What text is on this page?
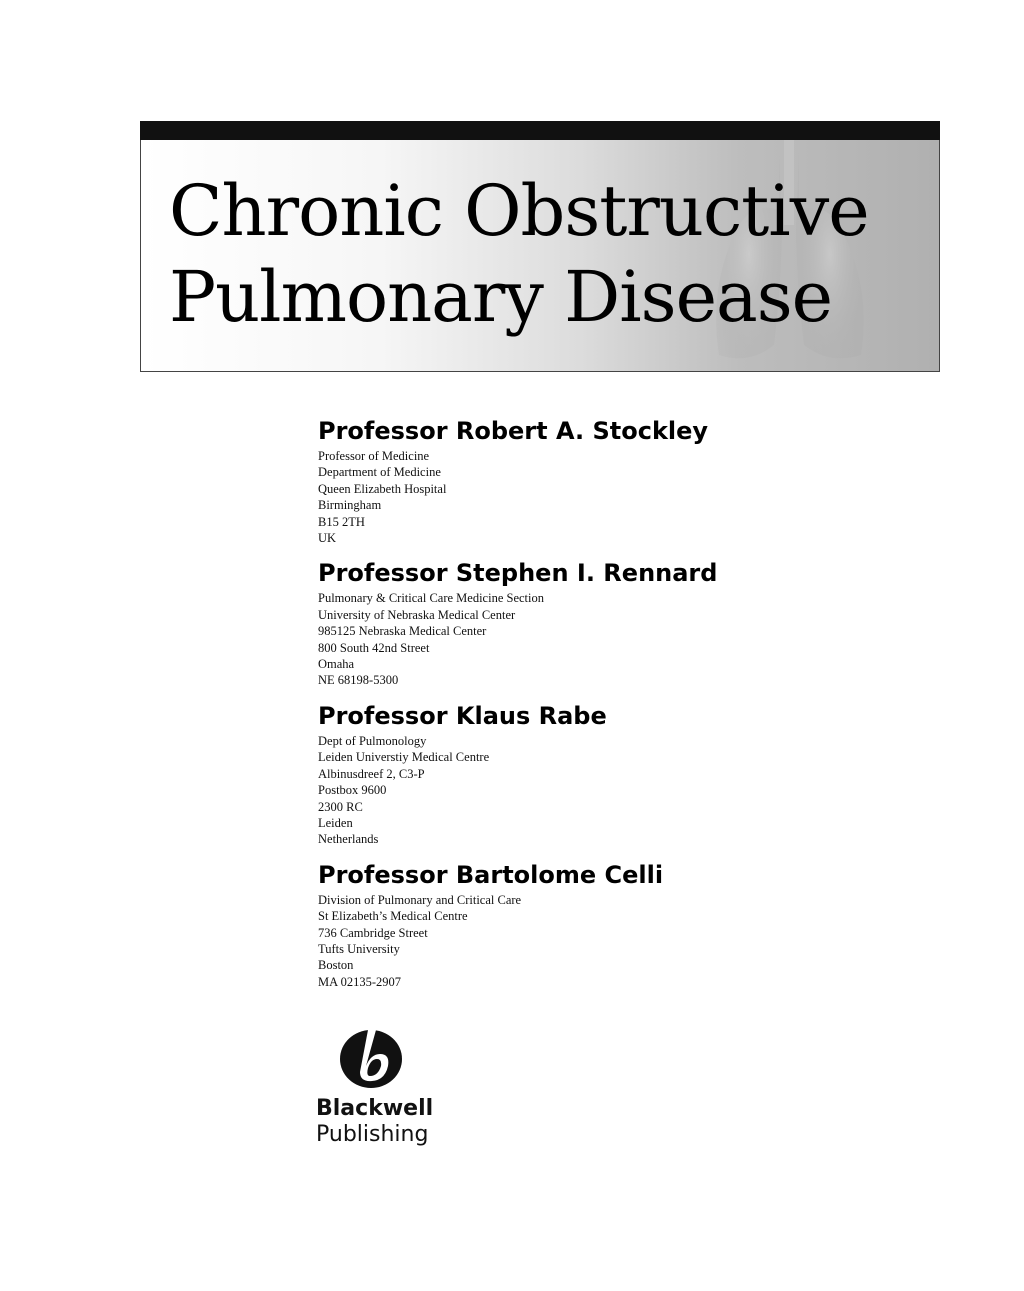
Chronic Obstructive
Pulmonary Disease
Professor Robert A. Stockley
Professor of Medicine
Department of Medicine
Queen Elizabeth Hospital
Birmingham
B15 2TH
UK
Professor Stephen I. Rennard
Pulmonary & Critical Care Medicine Section
University of Nebraska Medical Center
985125 Nebraska Medical Center
800 South 42nd Street
Omaha
NE 68198-5300
Professor Klaus Rabe
Dept of Pulmonology
Leiden Universtiy Medical Centre
Albinusdreef 2, C3-P
Postbox 9600
2300 RC
Leiden
Netherlands
Professor Bartolome Celli
Division of Pulmonary and Critical Care
St Elizabeth’s Medical Centre
736 Cambridge Street
Tufts University
Boston
MA 02135-2907
Blackwell
Publishing
